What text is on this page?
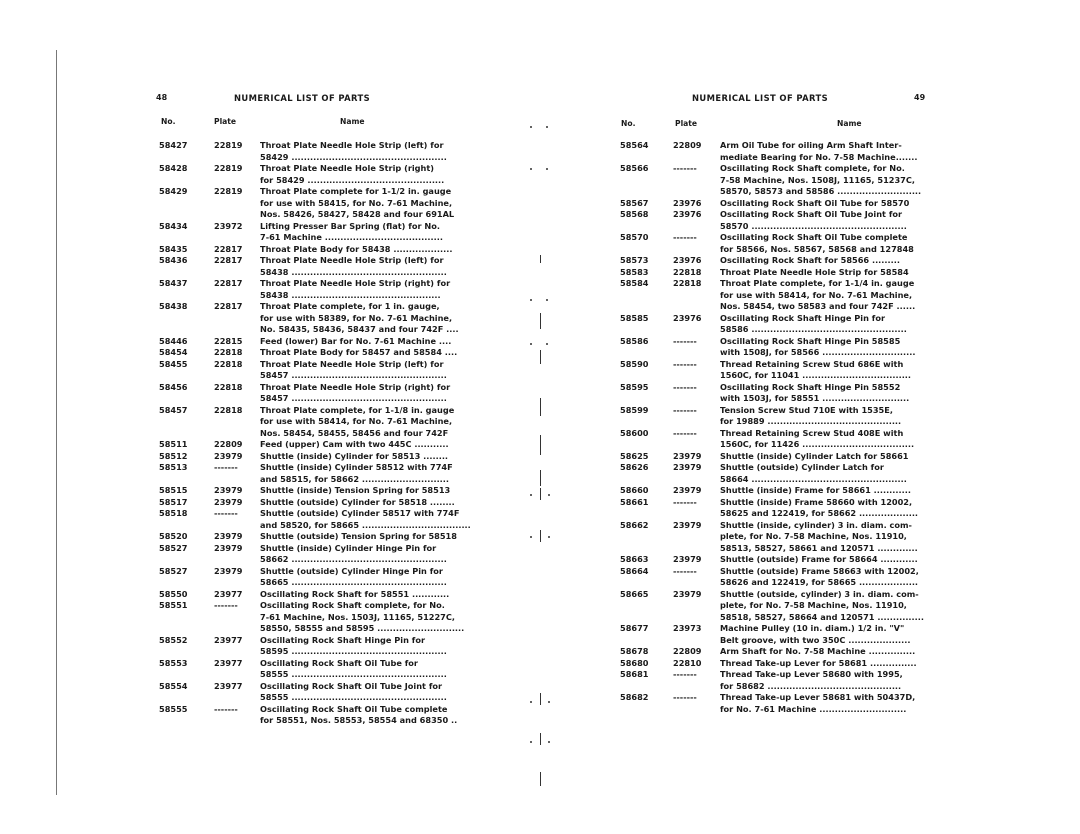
48	NUMERICAL LIST OF PARTS
No.	Plate	Name
58427	22819	Throat Plate Needle Hole Strip (left) for
58429 ..................................................
58428	22819	Throat Plate Needle Hole Strip (right)
for 58429 ............................................
58429	22819	Throat Plate complete for 1-1/2 in. gauge
for use with 58415, for No. 7-61 Machine,
Nos. 58426, 58427, 58428 and four 691AL
58434	23972	Lifting Presser Bar Spring (flat) for No.
7-61 Machine ......................................
58435	22817	Throat Plate Body for 58438 ...................
58436	22817	Throat Plate Needle Hole Strip (left) for
58438 ..................................................
58437	22817	Throat Plate Needle Hole Strip (right) for
58438 ................................................
58438	22817	Throat Plate complete, for 1 in. gauge,
for use with 58389, for No. 7-61 Machine,
No. 58435, 58436, 58437 and four 742F ....
58446	22815	Feed (lower) Bar for No. 7-61 Machine ....
58454	22818	Throat Plate Body for 58457 and 58584 ....
58455	22818	Throat Plate Needle Hole Strip (left) for
58457 ..................................................
58456	22818	Throat Plate Needle Hole Strip (right) for
58457 ..................................................
58457	22818	Throat Plate complete, for 1-1/8 in. gauge
for use with 58414, for No. 7-61 Machine,
Nos. 58454, 58455, 58456 and four 742F
58511	22809	Feed (upper) Cam with two 445C ...........
58512	23979	Shuttle (inside) Cylinder for 58513 ........
58513	-------	Shuttle (inside) Cylinder 58512 with 774F
and 58515, for 58662 ............................
58515	23979	Shuttle (inside) Tension Spring for 58513
58517	23979	Shuttle (outside) Cylinder for 58518 ........
58518	-------	Shuttle (outside) Cylinder 58517 with 774F
and 58520, for 58665 ...................................
58520	23979	Shuttle (outside) Tension Spring for 58518
58527	23979	Shuttle (inside) Cylinder Hinge Pin for
58662 ..................................................
58527	23979	Shuttle (outside) Cylinder Hinge Pin for
58665 ..................................................
58550	23977	Oscillating Rock Shaft for 58551 ............
58551	-------	Oscillating Rock Shaft complete, for No.
7-61 Machine, Nos. 1503J, 11165, 51227C,
58550, 58555 and 58595 ............................
58552	23977	Oscillating Rock Shaft Hinge Pin for
58595 ..................................................
58553	23977	Oscillating Rock Shaft Oil Tube for
58555 ..................................................
58554	23977	Oscillating Rock Shaft Oil Tube Joint for
58555 ..................................................
58555	-------	Oscillating Rock Shaft Oil Tube complete
for 58551, Nos. 58553, 58554 and 68350 ..
NUMERICAL LIST OF PARTS	49
No.	Plate	Name
58564	22809	Arm Oil Tube for oiling Arm Shaft Inter-
mediate Bearing for No. 7-58 Machine.......
58566	-------	Oscillating Rock Shaft complete, for No.
7-58 Machine, Nos. 1508J, 11165, 51237C,
58570, 58573 and 58586 ...........................
58567	23976	Oscillating Rock Shaft Oil Tube for 58570
58568	23976	Oscillating Rock Shaft Oil Tube Joint for
58570 ..................................................
58570	-------	Oscillating Rock Shaft Oil Tube complete
for 58566, Nos. 58567, 58568 and 127848
58573	23976	Oscillating Rock Shaft for 58566 .........
58583	22818	Throat Plate Needle Hole Strip for 58584
58584	22818	Throat Plate complete, for 1-1/4 in. gauge
for use with 58414, for No. 7-61 Machine,
Nos. 58454, two 58583 and four 742F ......
58585	23976	Oscillating Rock Shaft Hinge Pin for
58586 ..................................................
58586	-------	Oscillating Rock Shaft Hinge Pin 58585
with 1508J, for 58566 ..............................
58590	-------	Thread Retaining Screw Stud 686E with
1560C, for 11041 ...................................
58595	-------	Oscillating Rock Shaft Hinge Pin 58552
with 1503J, for 58551 ............................
58599	-------	Tension Screw Stud 710E with 1535E,
for 19889 ...........................................
58600	-------	Thread Retaining Screw Stud 408E with
1560C, for 11426 ....................................
58625	23979	Shuttle (inside) Cylinder Latch for 58661
58626	23979	Shuttle (outside) Cylinder Latch for
58664 ..................................................
58660	23979	Shuttle (inside) Frame for 58661 ............
58661	-------	Shuttle (inside) Frame 58660 with 12002,
58625 and 122419, for 58662 ...................
58662	23979	Shuttle (inside, cylinder) 3 in. diam. com-
plete, for No. 7-58 Machine, Nos. 11910,
58513, 58527, 58661 and 120571 .............
58663	23979	Shuttle (outside) Frame for 58664 ............
58664	-------	Shuttle (outside) Frame 58663 with 12002,
58626 and 122419, for 58665 ...................
58665	23979	Shuttle (outside, cylinder) 3 in. diam. com-
plete, for No. 7-58 Machine, Nos. 11910,
58518, 58527, 58664 and 120571 ...............
58677	23973	Machine Pulley (10 in. diam.) 1/2 in. "V"
Belt groove, with two 350C ....................
58678	22809	Arm Shaft for No. 7-58 Machine ...............
58680	22810	Thread Take-up Lever for 58681 ...............
58681	-------	Thread Take-up Lever 58680 with 1995,
for 58682 ...........................................
58682	-------	Thread Take-up Lever 58681 with 50437D,
for No. 7-61 Machine ............................
